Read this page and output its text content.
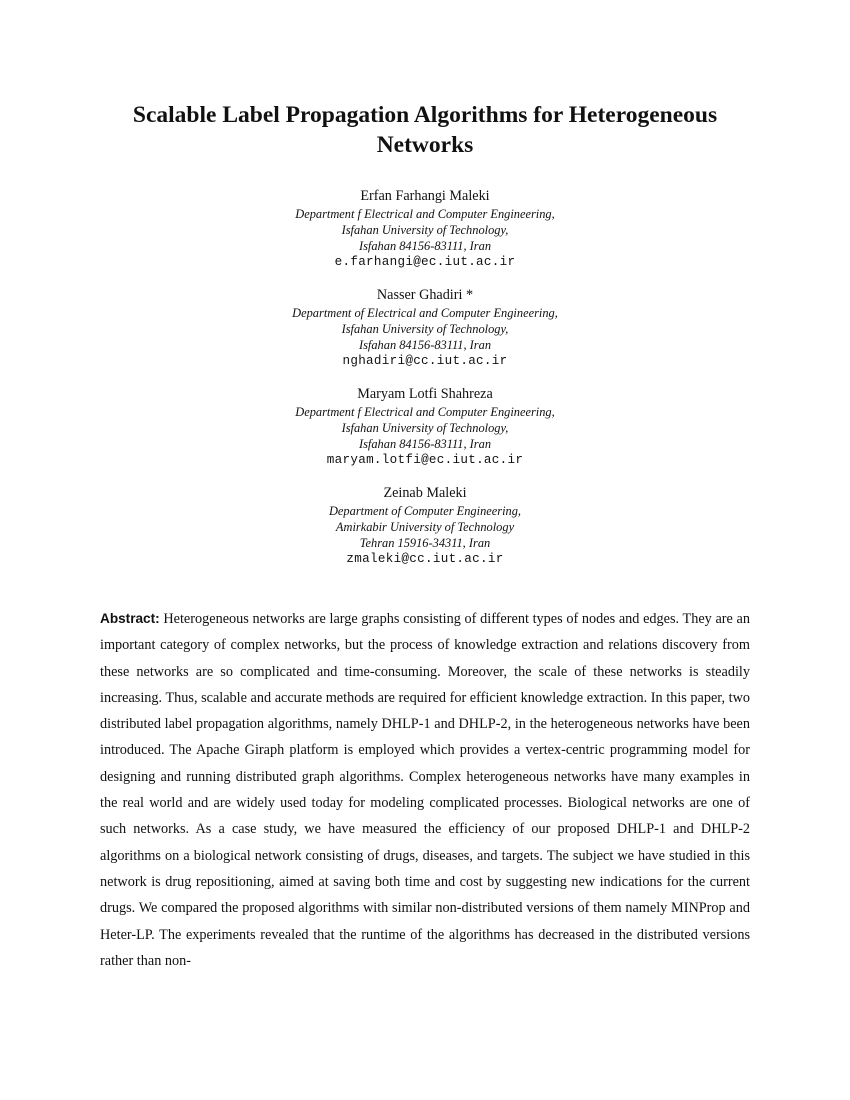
Scalable Label Propagation Algorithms for Heterogeneous Networks
Erfan Farhangi Maleki
Department f Electrical and Computer Engineering,
Isfahan University of Technology,
Isfahan 84156-83111, Iran
e.farhangi@ec.iut.ac.ir
Nasser Ghadiri *
Department of Electrical and Computer Engineering,
Isfahan University of Technology,
Isfahan 84156-83111, Iran
nghadiri@cc.iut.ac.ir
Maryam Lotfi Shahreza
Department f Electrical and Computer Engineering,
Isfahan University of Technology,
Isfahan 84156-83111, Iran
maryam.lotfi@ec.iut.ac.ir
Zeinab Maleki
Department of Computer Engineering,
Amirkabir University of Technology
Tehran 15916-34311, Iran
zmaleki@cc.iut.ac.ir
Abstract: Heterogeneous networks are large graphs consisting of different types of nodes and edges. They are an important category of complex networks, but the process of knowledge extraction and relations discovery from these networks are so complicated and time-consuming. Moreover, the scale of these networks is steadily increasing. Thus, scalable and accurate methods are required for efficient knowledge extraction. In this paper, two distributed label propagation algorithms, namely DHLP-1 and DHLP-2, in the heterogeneous networks have been introduced. The Apache Giraph platform is employed which provides a vertex-centric programming model for designing and running distributed graph algorithms. Complex heterogeneous networks have many examples in the real world and are widely used today for modeling complicated processes. Biological networks are one of such networks. As a case study, we have measured the efficiency of our proposed DHLP-1 and DHLP-2 algorithms on a biological network consisting of drugs, diseases, and targets. The subject we have studied in this network is drug repositioning, aimed at saving both time and cost by suggesting new indications for the current drugs. We compared the proposed algorithms with similar non-distributed versions of them namely MINProp and Heter-LP. The experiments revealed that the runtime of the algorithms has decreased in the distributed versions rather than non-
